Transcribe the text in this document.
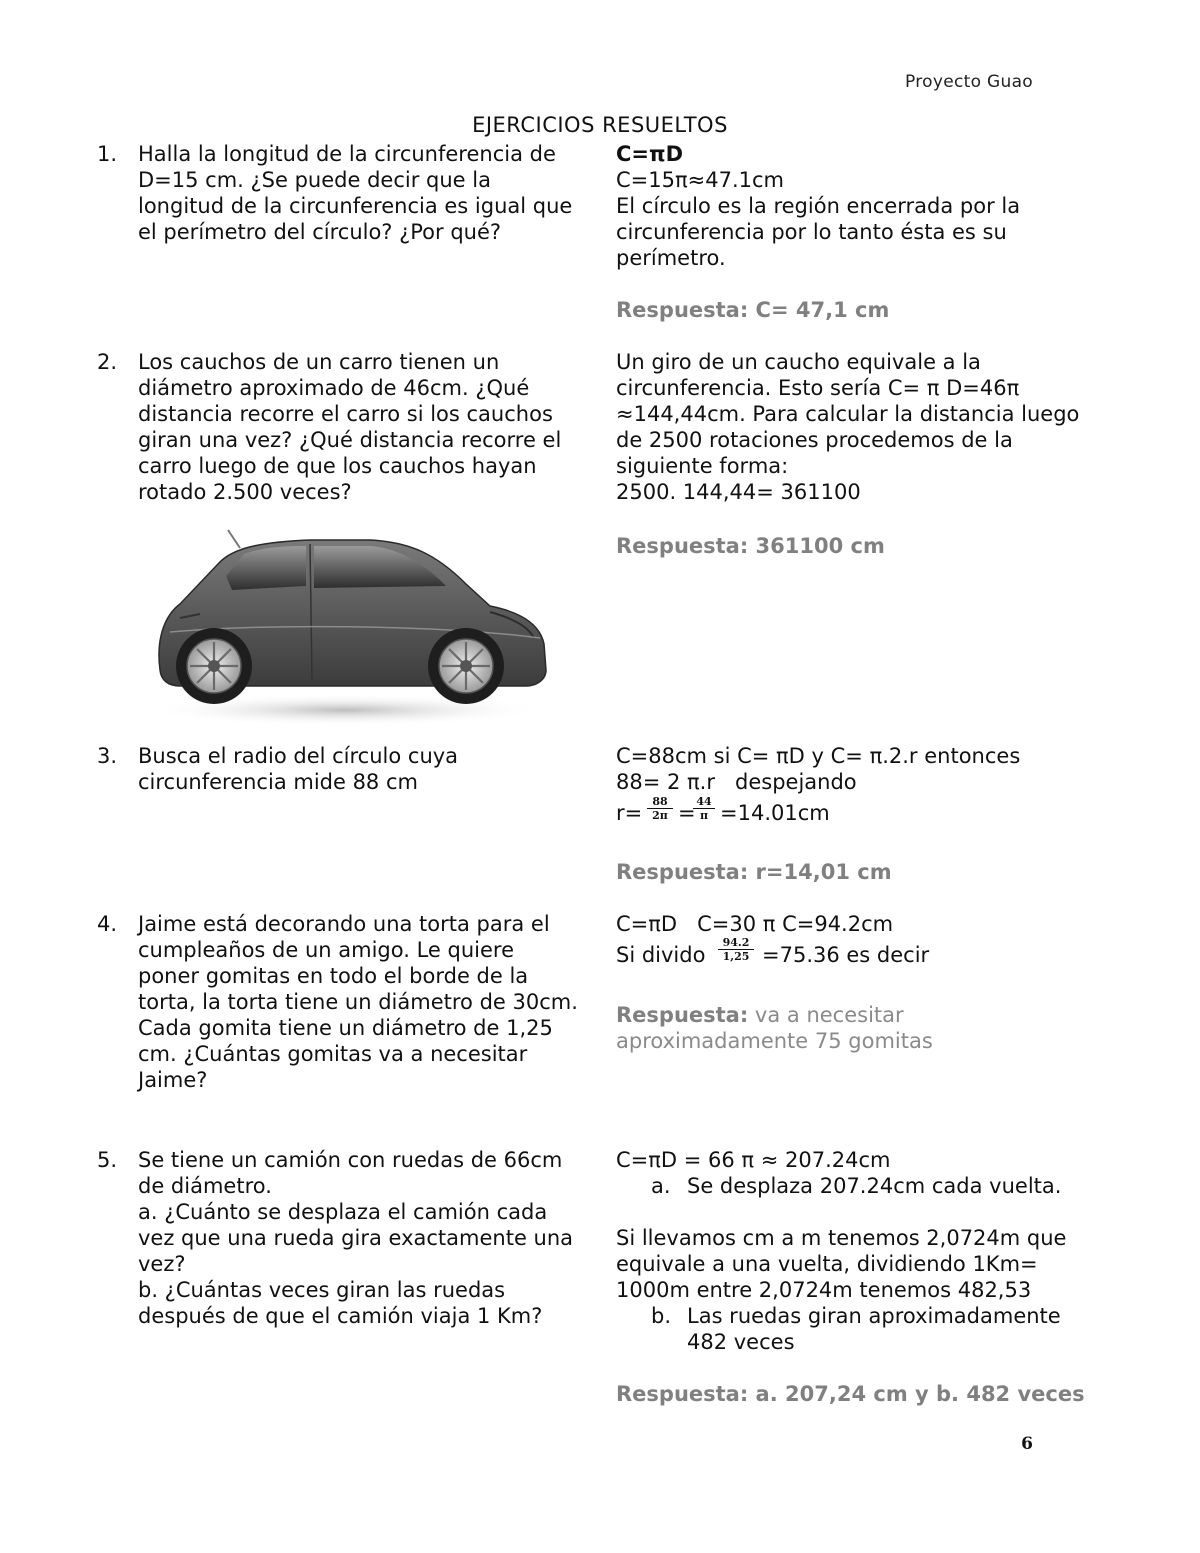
Proyecto Guao
EJERCICIOS RESUELTOS
1. Halla la longitud de la circunferencia de
D=15 cm. ¿Se puede decir que la
longitud de la circunferencia es igual que
el perímetro del círculo? ¿Por qué?
C=πD
C=15π≈47.1cm
El círculo es la región encerrada por la
circunferencia por lo tanto ésta es su
perímetro.
Respuesta: C= 47,1 cm
2. Los cauchos de un carro tienen un
diámetro aproximado de 46cm. ¿Qué
distancia recorre el carro si los cauchos
giran una vez? ¿Qué distancia recorre el
carro luego de que los cauchos hayan
rotado 2.500 veces?
Un giro de un caucho equivale a la
circunferencia. Esto sería C= π D=46π
≈144,44cm. Para calcular la distancia luego
de 2500 rotaciones procedemos de la
siguiente forma:
2500. 144,44= 361100
Respuesta: 361100 cm
3. Busca el radio del círculo cuya
circunferencia mide 88 cm
C=88cm si C= πD y C= π.2.r entonces
88= 2 π.r   despejando
$r= \frac{88}{2\pi}$ =
$\frac{44}{\pi} =14.01cm$
Respuesta: r=14,01 cm
4. Jaime está decorando una torta para el
cumpleaños de un amigo. Le quiere
poner gomitas en todo el borde de la
torta, la torta tiene un diámetro de 30cm.
Cada gomita tiene un diámetro de 1,25
cm. ¿Cuántas gomitas va a necesitar
Jaime?
C=πD   C=30 π C=94.2cm
Si divido $\frac{94.2}{1,25} =75.36$ es decir
Respuesta: va a necesitar
aproximadamente 75 gomitas
5. Se tiene un camión con ruedas de 66cm
de diámetro.
a. ¿Cuánto se desplaza el camión cada
vez que una rueda gira exactamente una
vez?
b. ¿Cuántas veces giran las ruedas
después de que el camión viaja 1 Km?
C=πD = 66 π ≈ 207.24cm
a. Se desplaza 207.24cm cada vuelta.
Si llevamos cm a m tenemos 2,0724m que
equivale a una vuelta, dividiendo 1Km=
1000m entre 2,0724m tenemos 482,53
b. Las ruedas giran aproximadamente
482 veces
Respuesta: a. 207,24 cm y b. 482 veces
6
